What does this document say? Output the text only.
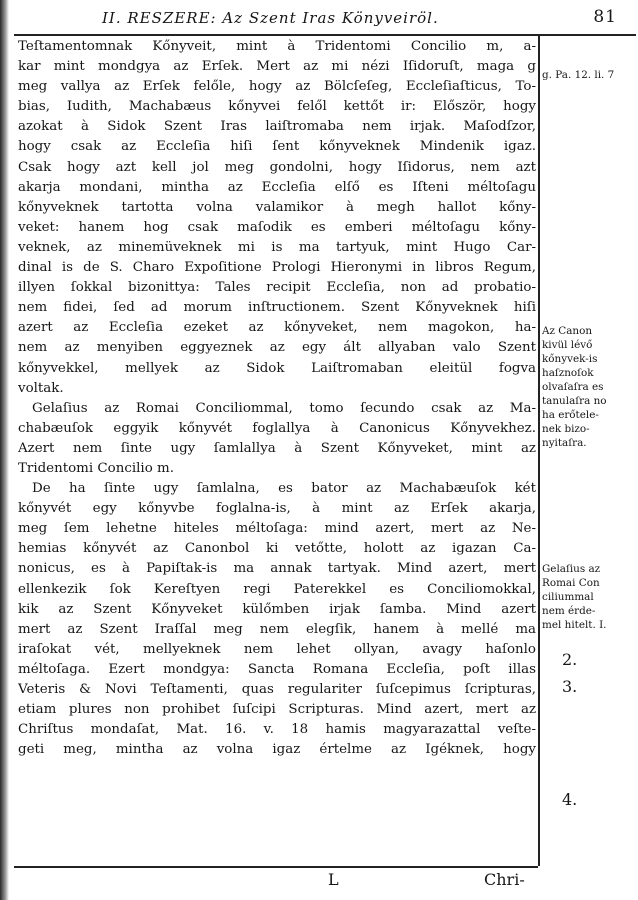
II. RESZERE: Az Szent Iras Könyveiröl.	81
Teſtamentomnak Kőnyveit, mint à Tridentomi Concilio m, a-
kar mint mondgya az Erſek. Mert az mi nézi Iſidoruſt, maga g
meg vallya az Erſek felőle, hogy az Bölcſeſeg, Eccleſiaſticus, To-
bias, Iudith, Machabæus kőnyvei felől kettőt ir: Először, hogy
azokat à Sidok Szent Iras laiſtromaba nem irjak. Maſodſzor,
hogy csak az Eccleſia hiſi ſent kőnyveknek Mindenik igaz.
Csak hogy azt kell jol meg gondolni, hogy Iſidorus, nem azt
akarja mondani, mintha az Eccleſia elſő es Iſteni méltoſagu
kőnyveknek tartotta volna valamikor à megh hallot kőny-
veket: hanem hog csak maſodik es emberi méltoſagu kőny-
veknek, az minemüveknek mi is ma tartyuk, mint Hugo Car-
dinal is de S. Charo Expoſitione Prologi Hieronymi in libros Regum,
illyen ſokkal bizonittya: Tales recipit Eccleſia, non ad probatio-
nem fidei, ſed ad morum inſtructionem. Szent Kőnyveknek hiſi
azert az Eccleſia ezeket az kőnyveket, nem magokon, ha-
nem az menyiben eggyeznek az egy ált allyaban valo Szent
kőnyvekkel, mellyek az Sidok Laiſtromaban eleitül fogva
voltak.
Gelaſius az Romai Conciliommal, tomo ſecundo csak az Ma-
chabæuſok eggyik kőnyvét foglallya à Canonicus Kőnyvekhez.
Azert nem ſinte ugy ſamlallya à Szent Kőnyveket, mint az
Tridentomi Concilio m.
De ha ſinte ugy ſamlalna, es bator az Machabæuſok két
kőnyvét egy kőnyvbe foglalna-is, à mint az Erſek akarja,
meg ſem lehetne hiteles méltoſaga: mind azert, mert az Ne-
hemias kőnyvét az Canonbol ki vetőtte, holott az igazan Ca-
nonicus, es à Papiſtak-is ma annak tartyak. Mind azert, mert
ellenkezik ſok Kereſtyen regi Paterekkel es Conciliomokkal,
kik az Szent Kőnyveket külőmben irjak ſamba. Mind azert
mert az Szent Iraſſal meg nem elegſik, hanem à mellé ma
iraſokat vét, mellyeknek nem lehet ollyan, avagy haſonlo
méltoſaga. Ezert mondgya: Sancta Romana Eccleſia, poſt illas
Veteris & Novi Teſtamenti, quas regulariter ſuſcepimus ſcripturas,
etiam plures non prohibet ſuſcipi Scripturas. Mind azert, mert az
Chriſtus mondaſat, Mat. 16. v. 18 hamis magyarazattal veſte-
geti meg, mintha az volna igaz értelme az Igéknek, hogy
g. Pa. 12. li. 7
Az Canon
kivül lévő
kőnyvek-is
haſznoſok
olvaſaſra es
tanulaſra no
ha erőtele-
nek bizo-
nyitaſra.
Gelaſius az
Romai Con
ciliummal
nem érde-
mel hitelt. I.
2.
3.
4.
L	Chri-
